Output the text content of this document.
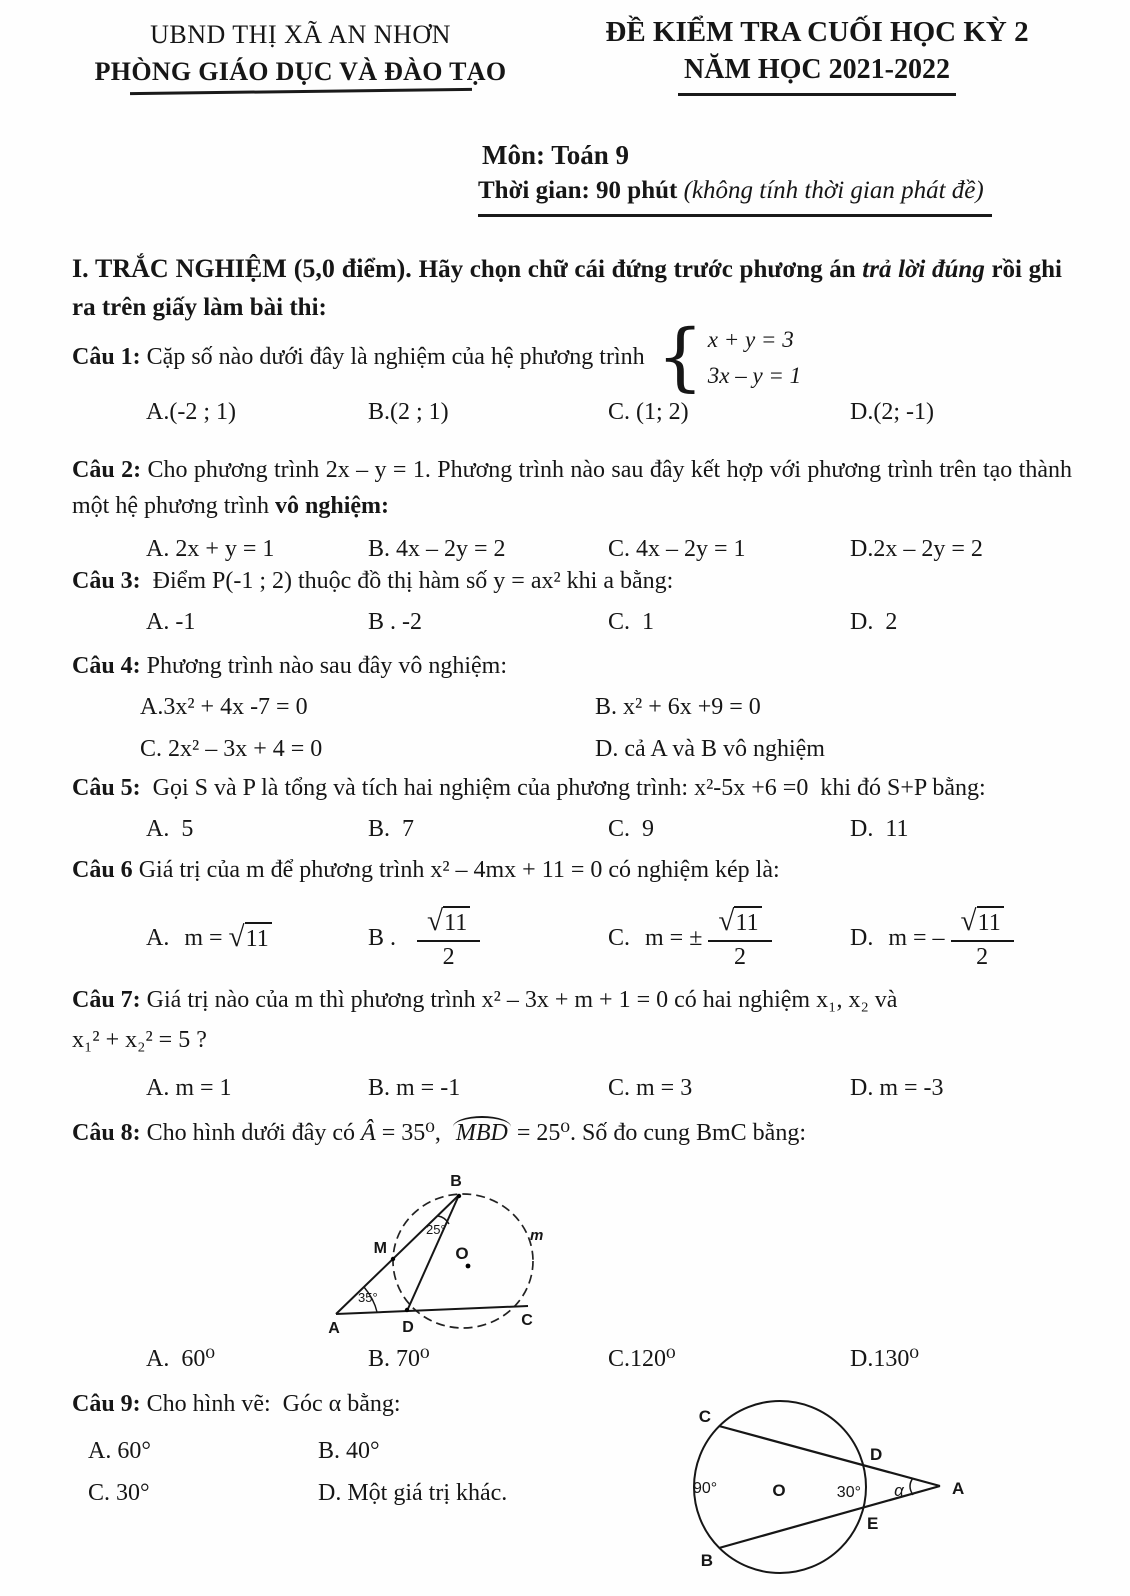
UBND THỊ XÃ AN NHƠN
PHÒNG GIÁO DỤC VÀ ĐÀO TẠO
ĐỀ KIỂM TRA CUỐI HỌC KỲ 2
NĂM HỌC 2021-2022
Môn: Toán 9
Thời gian: 90 phút (không tính thời gian phát đề)
I. TRẮC NGHIỆM (5,0 điểm). Hãy chọn chữ cái đứng trước phương án trả lời đúng rồi ghi ra trên giấy làm bài thi:
Câu 1: Cặp số nào dưới đây là nghiệm của hệ phương trình { x + y = 3
3x – y = 1
A.(-2 ; 1)	B.(2 ; 1)	C. (1; 2)	D.(2; -1)
Câu 2: Cho phương trình 2x – y = 1. Phương trình nào sau đây kết hợp với phương trình trên tạo thành một hệ phương trình vô nghiệm:
A. 2x + y = 1	B. 4x – 2y = 2	C. 4x – 2y = 1	D.2x – 2y = 2
Câu 3:  Điểm P(-1 ; 2) thuộc đồ thị hàm số y = ax² khi a bằng:
A. -1	B . -2	C.  1	D.  2
Câu 4: Phương trình nào sau đây vô nghiệm:
A.3x² + 4x -7 = 0	B. x² + 6x +9 = 0
C. 2x² – 3x + 4 = 0	D. cả A và B vô nghiệm
Câu 5:  Gọi S và P là tổng và tích hai nghiệm của phương trình: x²-5x +6 =0  khi đó S+P bằng:
A.  5	B.  7	C.  9	D.  11
Câu 6 Giá trị của m để phương trình x² – 4mx + 11 = 0 có nghiệm kép là:
A. m = √ 11	B . $\frac{√ 11}{2}$	C. m = ± $\frac{√ 11}{2}$	D. m = – $\frac{√ 11}{2}$
Câu 7: Giá trị nào của m thì phương trình x² – 3x + m + 1 = 0 có hai nghiệm x₁, x₂ và
x₁² + x₂² = 5 ?
A. m = 1	B. m = -1	C. m = 3	D. m = -3
Câu 8: Cho hình dưới đây có Â = 35⁰,  MBD = 25⁰. Số đo cung BmC bằng:
B
M	O
A	D	C
m
25°
35°
A.  60⁰	B. 70⁰	C.120⁰	D.130⁰
Câu 9: Cho hình vẽ:  Góc α bằng:
A. 60°	B. 40°
C. 30°	D. Một giá trị khác.
C
D
A
E
B
O
90°	30° α
